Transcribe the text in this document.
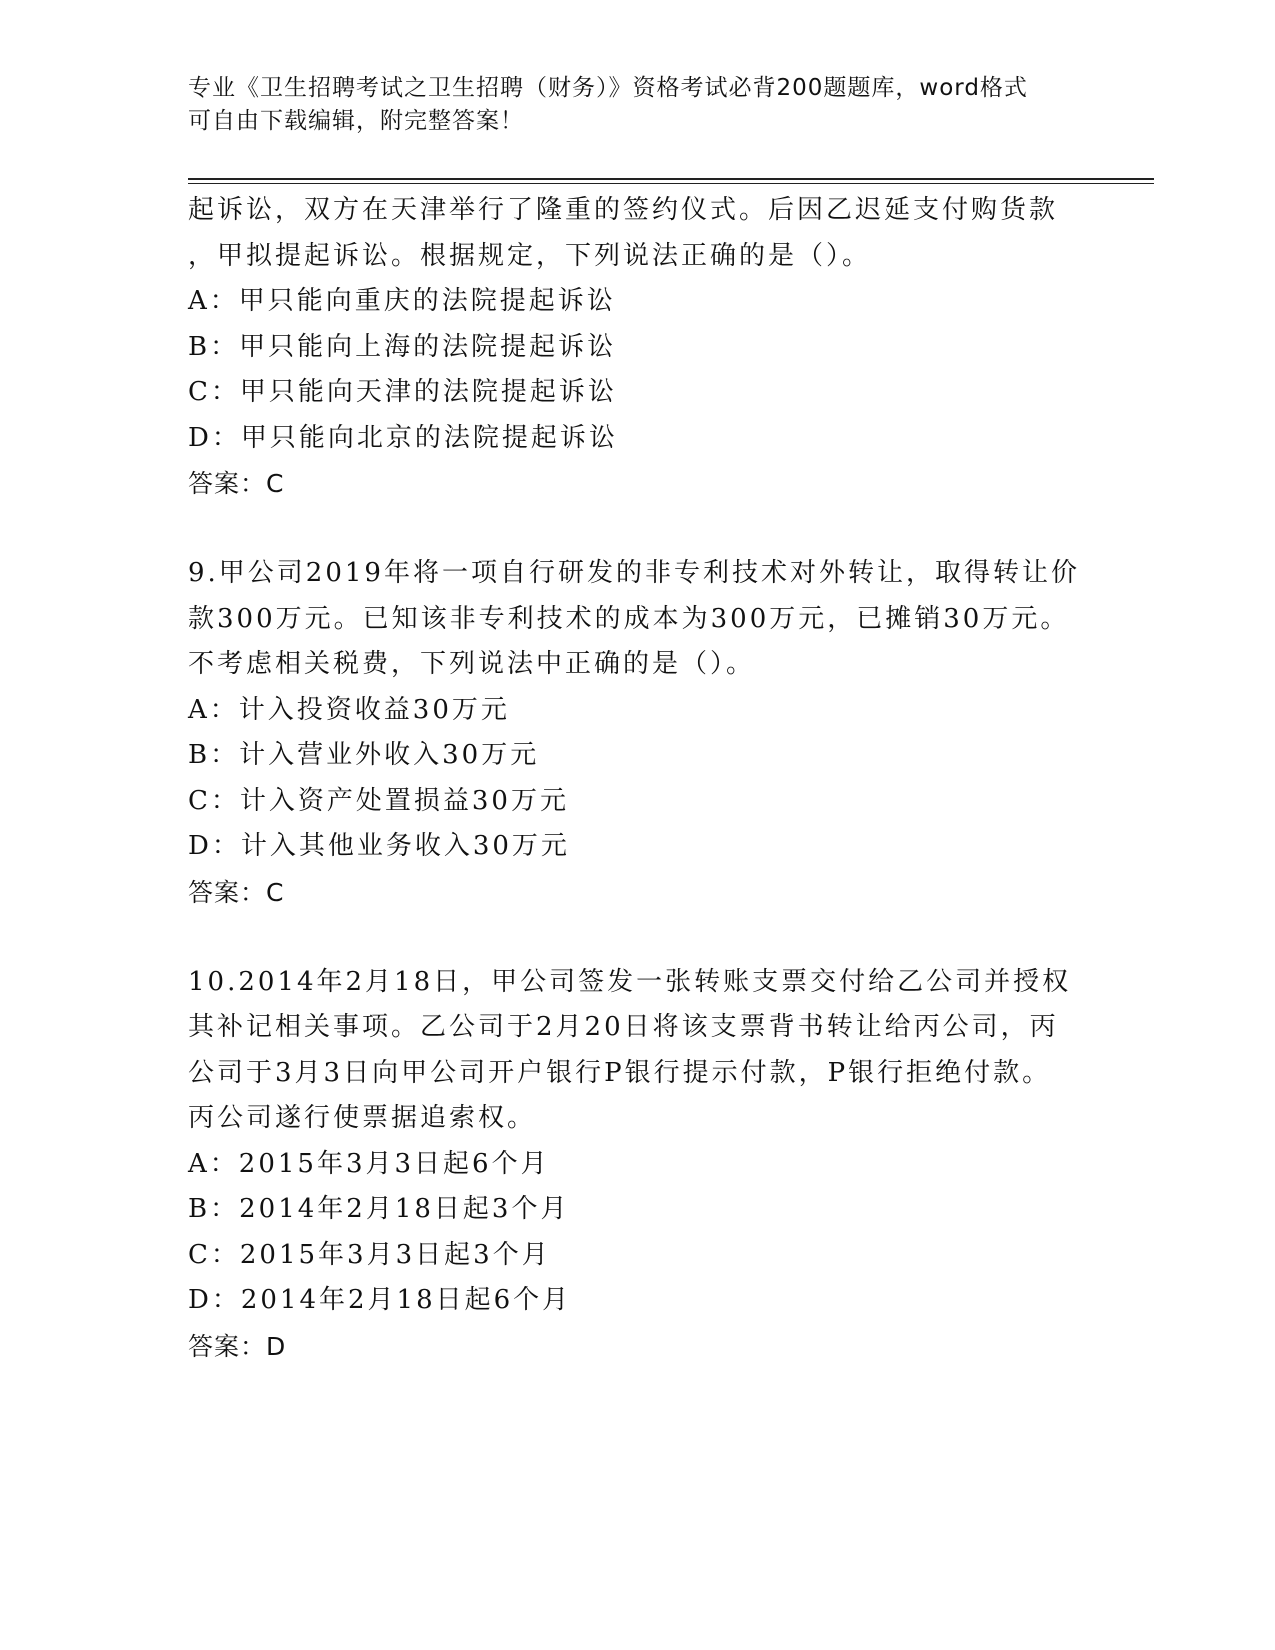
专业《卫生招聘考试之卫生招聘（财务）》资格考试必背200题题库，word格式
可自由下载编辑，附完整答案！
起诉讼，双方在天津举行了隆重的签约仪式。后因乙迟延支付购货款
，甲拟提起诉讼。根据规定，下列说法正确的是（）。
A：甲只能向重庆的法院提起诉讼
B：甲只能向上海的法院提起诉讼
C：甲只能向天津的法院提起诉讼
D：甲只能向北京的法院提起诉讼
答案：C
9.甲公司2019年将一项自行研发的非专利技术对外转让，取得转让价
款300万元。已知该非专利技术的成本为300万元，已摊销30万元。
不考虑相关税费，下列说法中正确的是（）。
A：计入投资收益30万元
B：计入营业外收入30万元
C：计入资产处置损益30万元
D：计入其他业务收入30万元
答案：C
10.2014年2月18日，甲公司签发一张转账支票交付给乙公司并授权
其补记相关事项。乙公司于2月20日将该支票背书转让给丙公司，丙
公司于3月3日向甲公司开户银行P银行提示付款，P银行拒绝付款。
丙公司遂行使票据追索权。
A：2015年3月3日起6个月
B：2014年2月18日起3个月
C：2015年3月3日起3个月
D：2014年2月18日起6个月
答案：D
